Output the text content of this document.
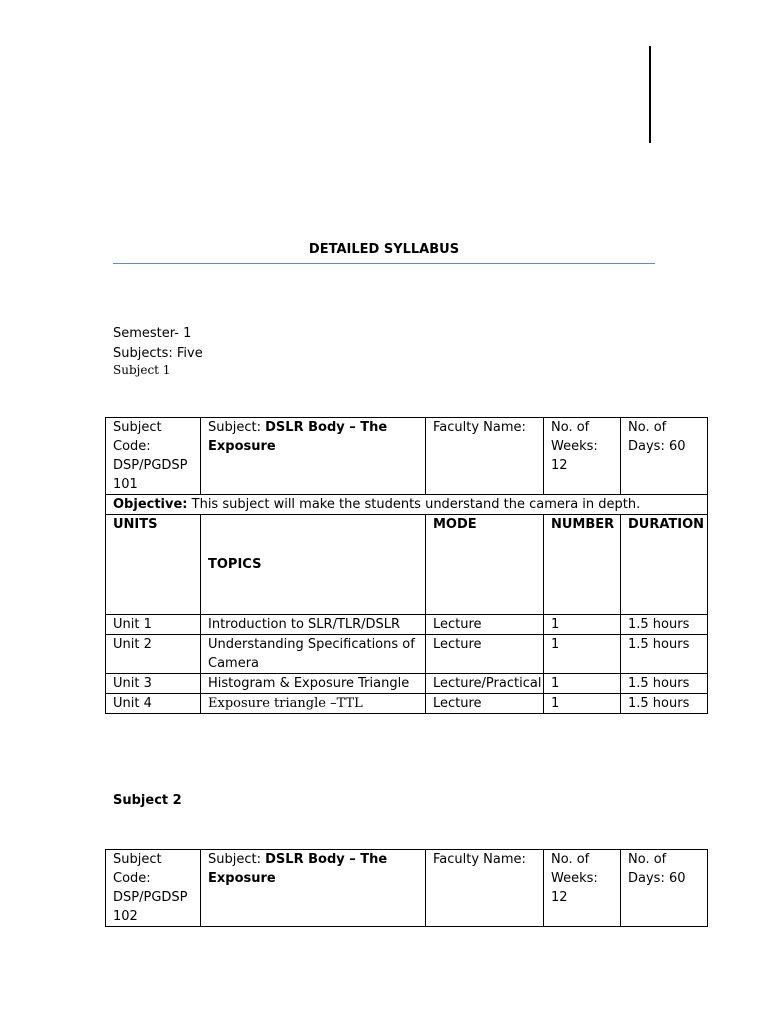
DETAILED SYLLABUS
Semester- 1
Subjects: Five
Subject 1
Subject Code: DSP/PGDSP 101	Subject: DSLR Body – The Exposure	Faculty Name:	No. of Weeks: 12	No. of Days: 60
Objective: This subject will make the students understand the camera in depth.				
UNITS	TOPICS	MODE	NUMBER	DURATION
Unit 1	Introduction to SLR/TLR/DSLR	Lecture	1	1.5 hours
Unit 2	Understanding Specifications of Camera	Lecture	1	1.5 hours
Unit 3	Histogram & Exposure Triangle	Lecture/Practical	1	1.5 hours
Unit 4	Exposure triangle –TTL	Lecture	1	1.5 hours
Subject 2
Subject Code: DSP/PGDSP 102	Subject: DSLR Body – The Exposure	Faculty Name:	No. of Weeks: 12	No. of Days: 60
